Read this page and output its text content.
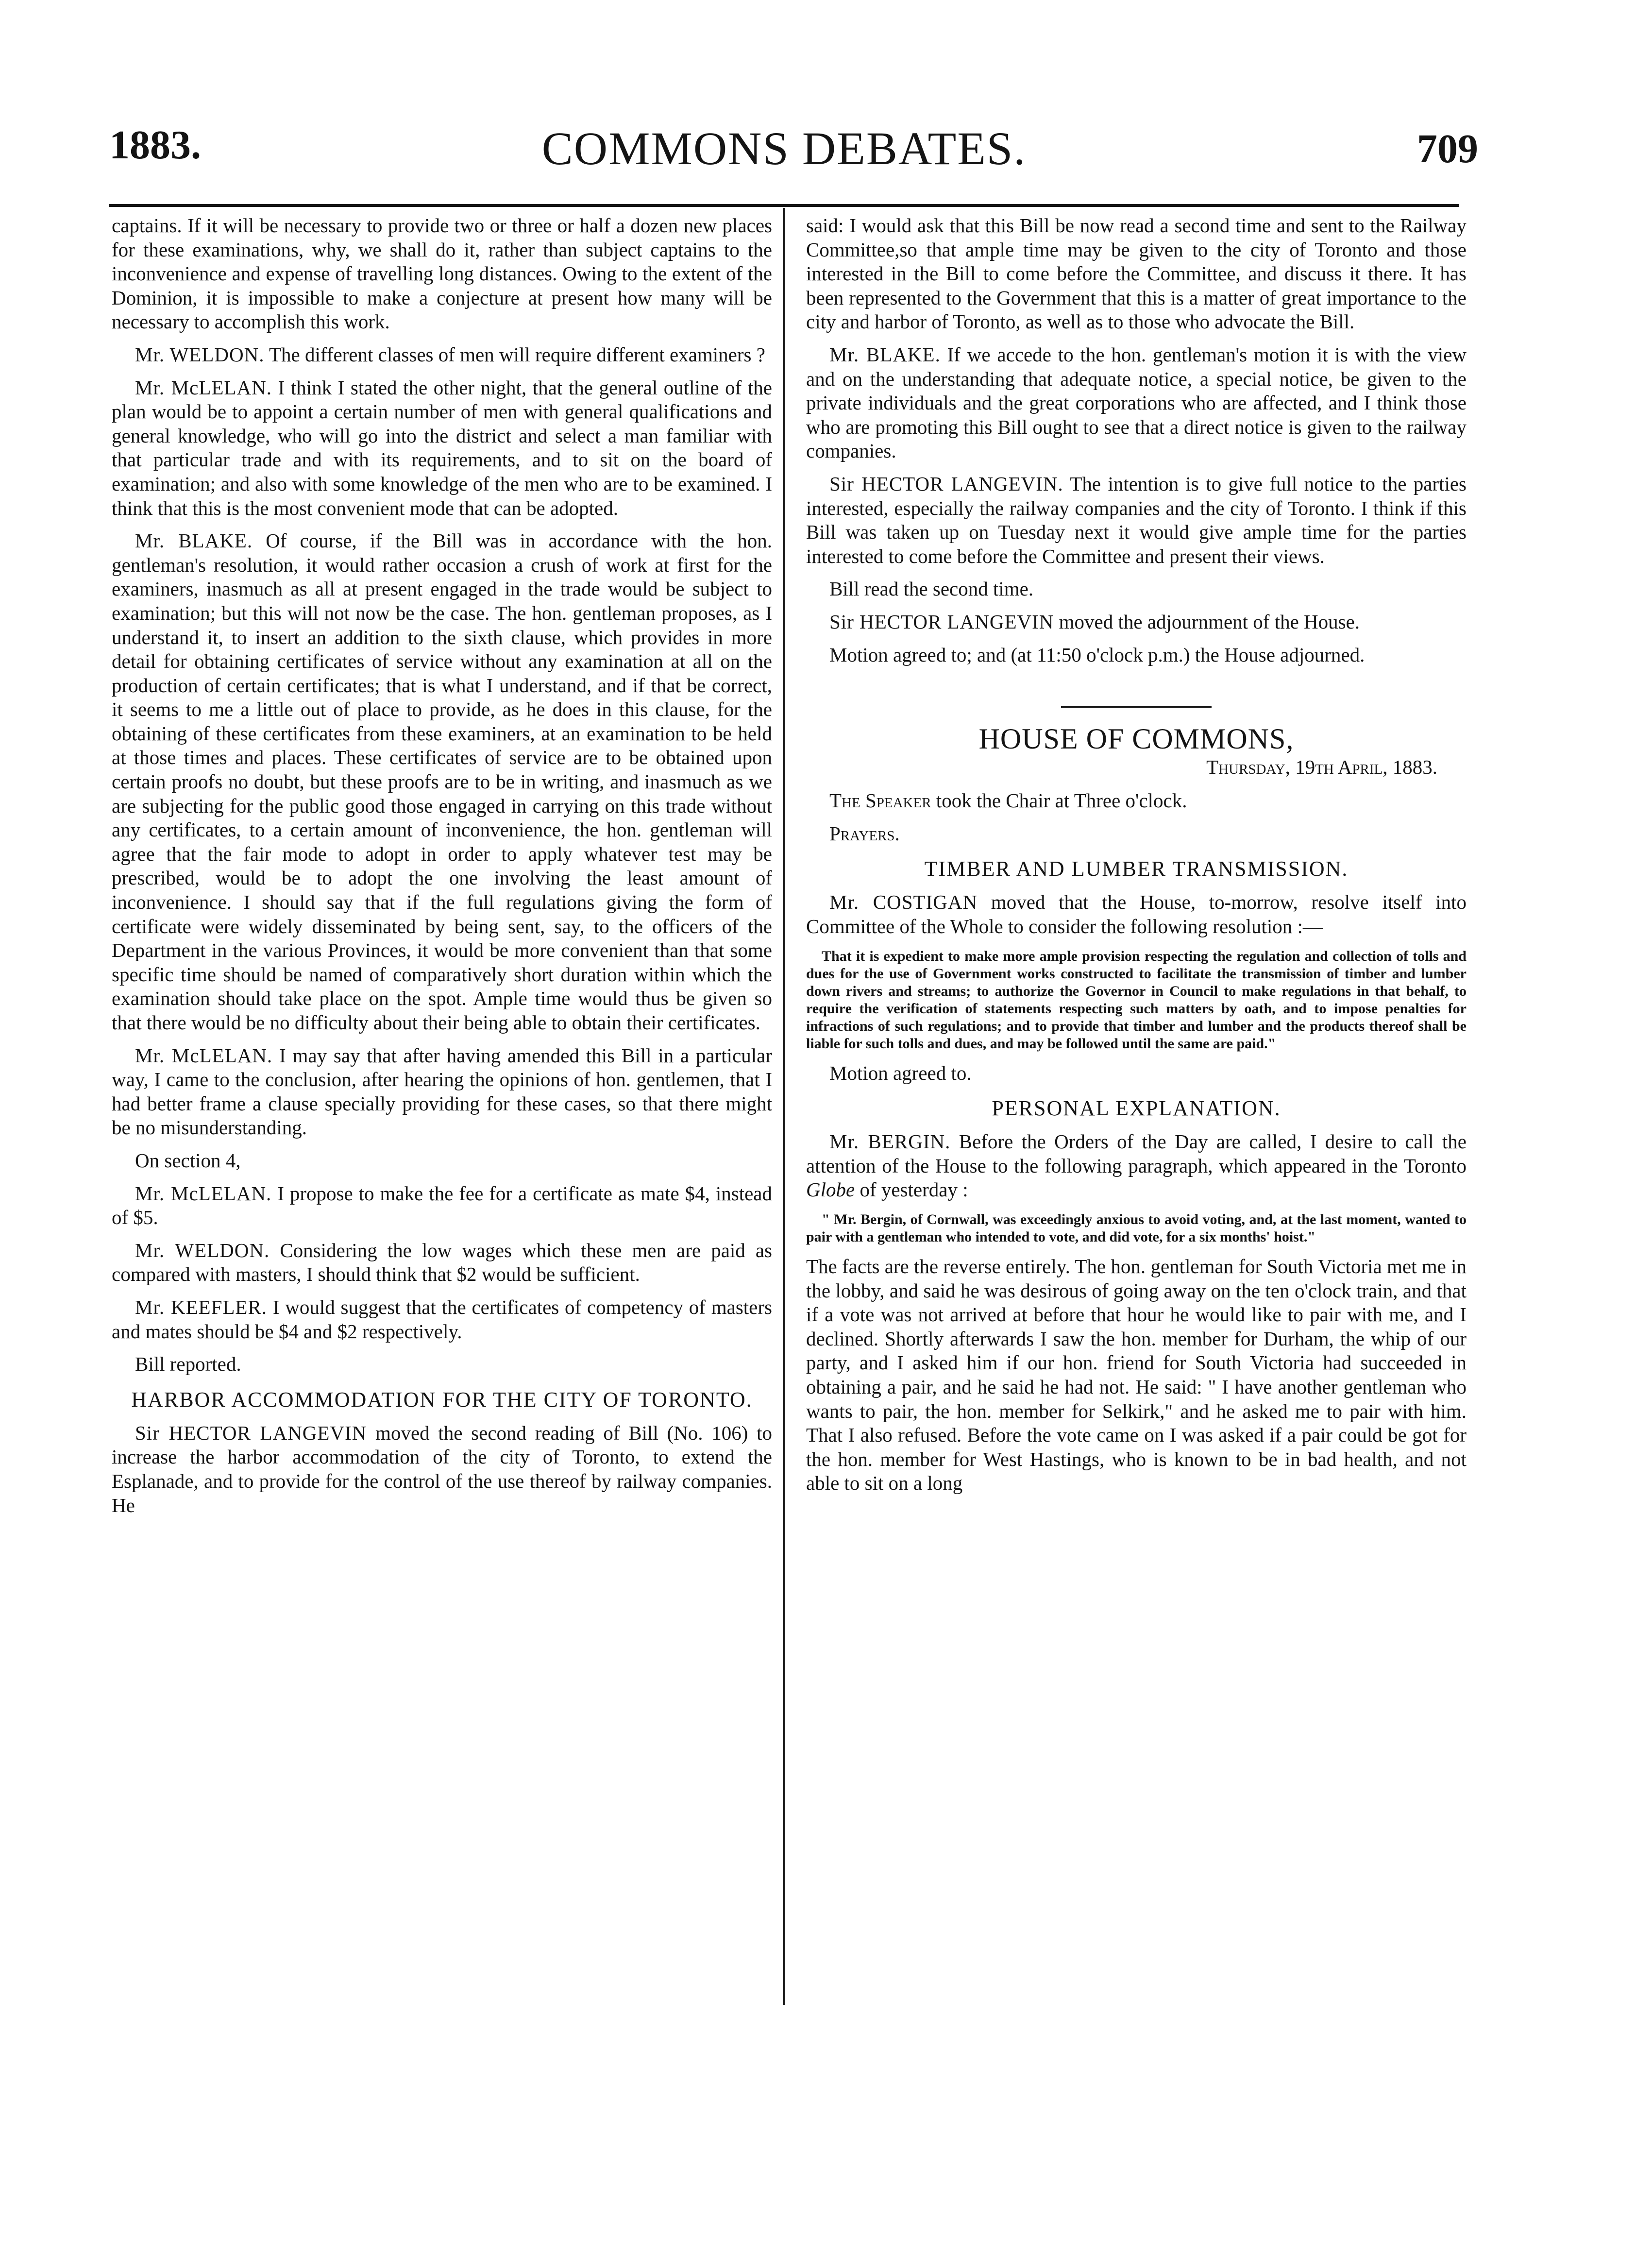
1883.	COMMONS DEBATES.	709

captains. If it will be necessary to provide two or three or half a dozen new places for these examinations, why, we shall do it, rather than subject captains to the inconvenience and expense of travelling long distances. Owing to the extent of the Dominion, it is impossible to make a conjecture at present how many will be necessary to accomplish this work.

Mr. WELDON. The different classes of men will require different examiners ?

Mr. McLELAN. I think I stated the other night, that the general outline of the plan would be to appoint a certain number of men with general qualifications and general knowledge, who will go into the district and select a man familiar with that particular trade and with its requirements, and to sit on the board of examination; and also with some knowledge of the men who are to be examined. I think that this is the most convenient mode that can be adopted.

Mr. BLAKE. Of course, if the Bill was in accordance with the hon. gentleman's resolution, it would rather occasion a crush of work at first for the examiners, inasmuch as all at present engaged in the trade would be subject to examination; but this will not now be the case. The hon. gentleman proposes, as I understand it, to insert an addition to the sixth clause, which provides in more detail for obtaining certificates of service without any examination at all on the production of certain certificates; that is what I understand, and if that be correct, it seems to me a little out of place to provide, as he does in this clause, for the obtaining of these certificates from these examiners, at an examination to be held at those times and places. These certificates of service are to be obtained upon certain proofs no doubt, but these proofs are to be in writing, and inasmuch as we are subjecting for the public good those engaged in carrying on this trade without any certificates, to a certain amount of inconvenience, the hon. gentleman will agree that the fair mode to adopt in order to apply whatever test may be prescribed, would be to adopt the one involving the least amount of inconvenience. I should say that if the full regulations giving the form of certificate were widely disseminated by being sent, say, to the officers of the Department in the various Provinces, it would be more convenient than that some specific time should be named of comparatively short duration within which the examination should take place on the spot. Ample time would thus be given so that there would be no difficulty about their being able to obtain their certificates.

Mr. McLELAN. I may say that after having amended this Bill in a particular way, I came to the conclusion, after hearing the opinions of hon. gentlemen, that I had better frame a clause specially providing for these cases, so that there might be no misunderstanding.

On section 4,

Mr. McLELAN. I propose to make the fee for a certificate as mate $4, instead of $5.

Mr. WELDON. Considering the low wages which these men are paid as compared with masters, I should think that $2 would be sufficient.

Mr. KEEFLER. I would suggest that the certificates of competency of masters and mates should be $4 and $2 respectively.

Bill reported.

HARBOR ACCOMMODATION FOR THE CITY OF TORONTO.

Sir HECTOR LANGEVIN moved the second reading of Bill (No. 106) to increase the harbor accommodation of the city of Toronto, to extend the Esplanade, and to provide for the control of the use thereof by railway companies. He

said: I would ask that this Bill be now read a second time and sent to the Railway Committee,so that ample time may be given to the city of Toronto and those interested in the Bill to come before the Committee, and discuss it there. It has been represented to the Government that this is a matter of great importance to the city and harbor of Toronto, as well as to those who advocate the Bill.

Mr. BLAKE. If we accede to the hon. gentleman's motion it is with the view and on the understanding that adequate notice, a special notice, be given to the private individuals and the great corporations who are affected, and I think those who are promoting this Bill ought to see that a direct notice is given to the railway companies.

Sir HECTOR LANGEVIN. The intention is to give full notice to the parties interested, especially the railway companies and the city of Toronto. I think if this Bill was taken up on Tuesday next it would give ample time for the parties interested to come before the Committee and present their views.

Bill read the second time.

Sir HECTOR LANGEVIN moved the adjournment of the House.

Motion agreed to; and (at 11:50 o'clock p.m.) the House adjourned.

HOUSE OF COMMONS,
Thursday, 19th April, 1883.

The Speaker took the Chair at Three o'clock.

Prayers.

TIMBER AND LUMBER TRANSMISSION.

Mr. COSTIGAN moved that the House, to-morrow, resolve itself into Committee of the Whole to consider the following resolution :—

That it is expedient to make more ample provision respecting the regulation and collection of tolls and dues for the use of Government works constructed to facilitate the transmission of timber and lumber down rivers and streams; to authorize the Governor in Council to make regulations in that behalf, to require the verification of statements respecting such matters by oath, and to impose penalties for infractions of such regulations; and to provide that timber and lumber and the products thereof shall be liable for such tolls and dues, and may be followed until the same are paid."

Motion agreed to.

PERSONAL EXPLANATION.

Mr. BERGIN. Before the Orders of the Day are called, I desire to call the attention of the House to the following paragraph, which appeared in the Toronto Globe of yesterday :

" Mr. Bergin, of Cornwall, was exceedingly anxious to avoid voting, and, at the last moment, wanted to pair with a gentleman who intended to vote, and did vote, for a six months' hoist."

The facts are the reverse entirely. The hon. gentleman for South Victoria met me in the lobby, and said he was desirous of going away on the ten o'clock train, and that if a vote was not arrived at before that hour he would like to pair with me, and I declined. Shortly afterwards I saw the hon. member for Durham, the whip of our party, and I asked him if our hon. friend for South Victoria had succeeded in obtaining a pair, and he said he had not. He said: " I have another gentleman who wants to pair, the hon. member for Selkirk," and he asked me to pair with him. That I also refused. Before the vote came on I was asked if a pair could be got for the hon. member for West Hastings, who is known to be in bad health, and not able to sit on a long
